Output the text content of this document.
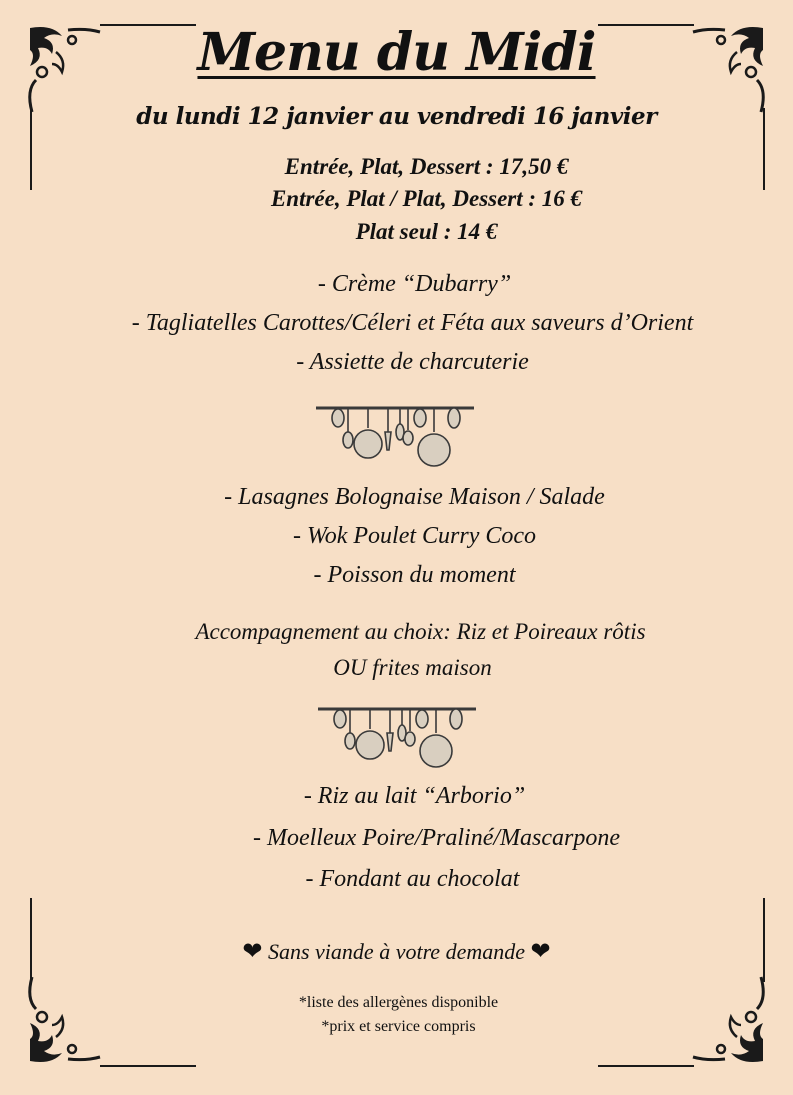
Menu du Midi
du lundi 12 janvier au vendredi 16 janvier
Entrée, Plat, Dessert : 17,50 €
Entrée, Plat / Plat, Dessert : 16 €
Plat seul : 14 €
- Crème “Dubarry”
- Tagliatelles Carottes/Céleri et Féta aux saveurs d’Orient
- Assiette de charcuterie
- Lasagnes Bolognaise Maison / Salade
- Wok Poulet Curry Coco
- Poisson du moment
Accompagnement au choix: Riz et Poireaux rôtis
OU frites maison
- Riz au lait “Arborio”
- Moelleux Poire/Praliné/Mascarpone
- Fondant au chocolat
❤ Sans viande à votre demande ❤
*liste des allergènes disponible
*prix et service compris
